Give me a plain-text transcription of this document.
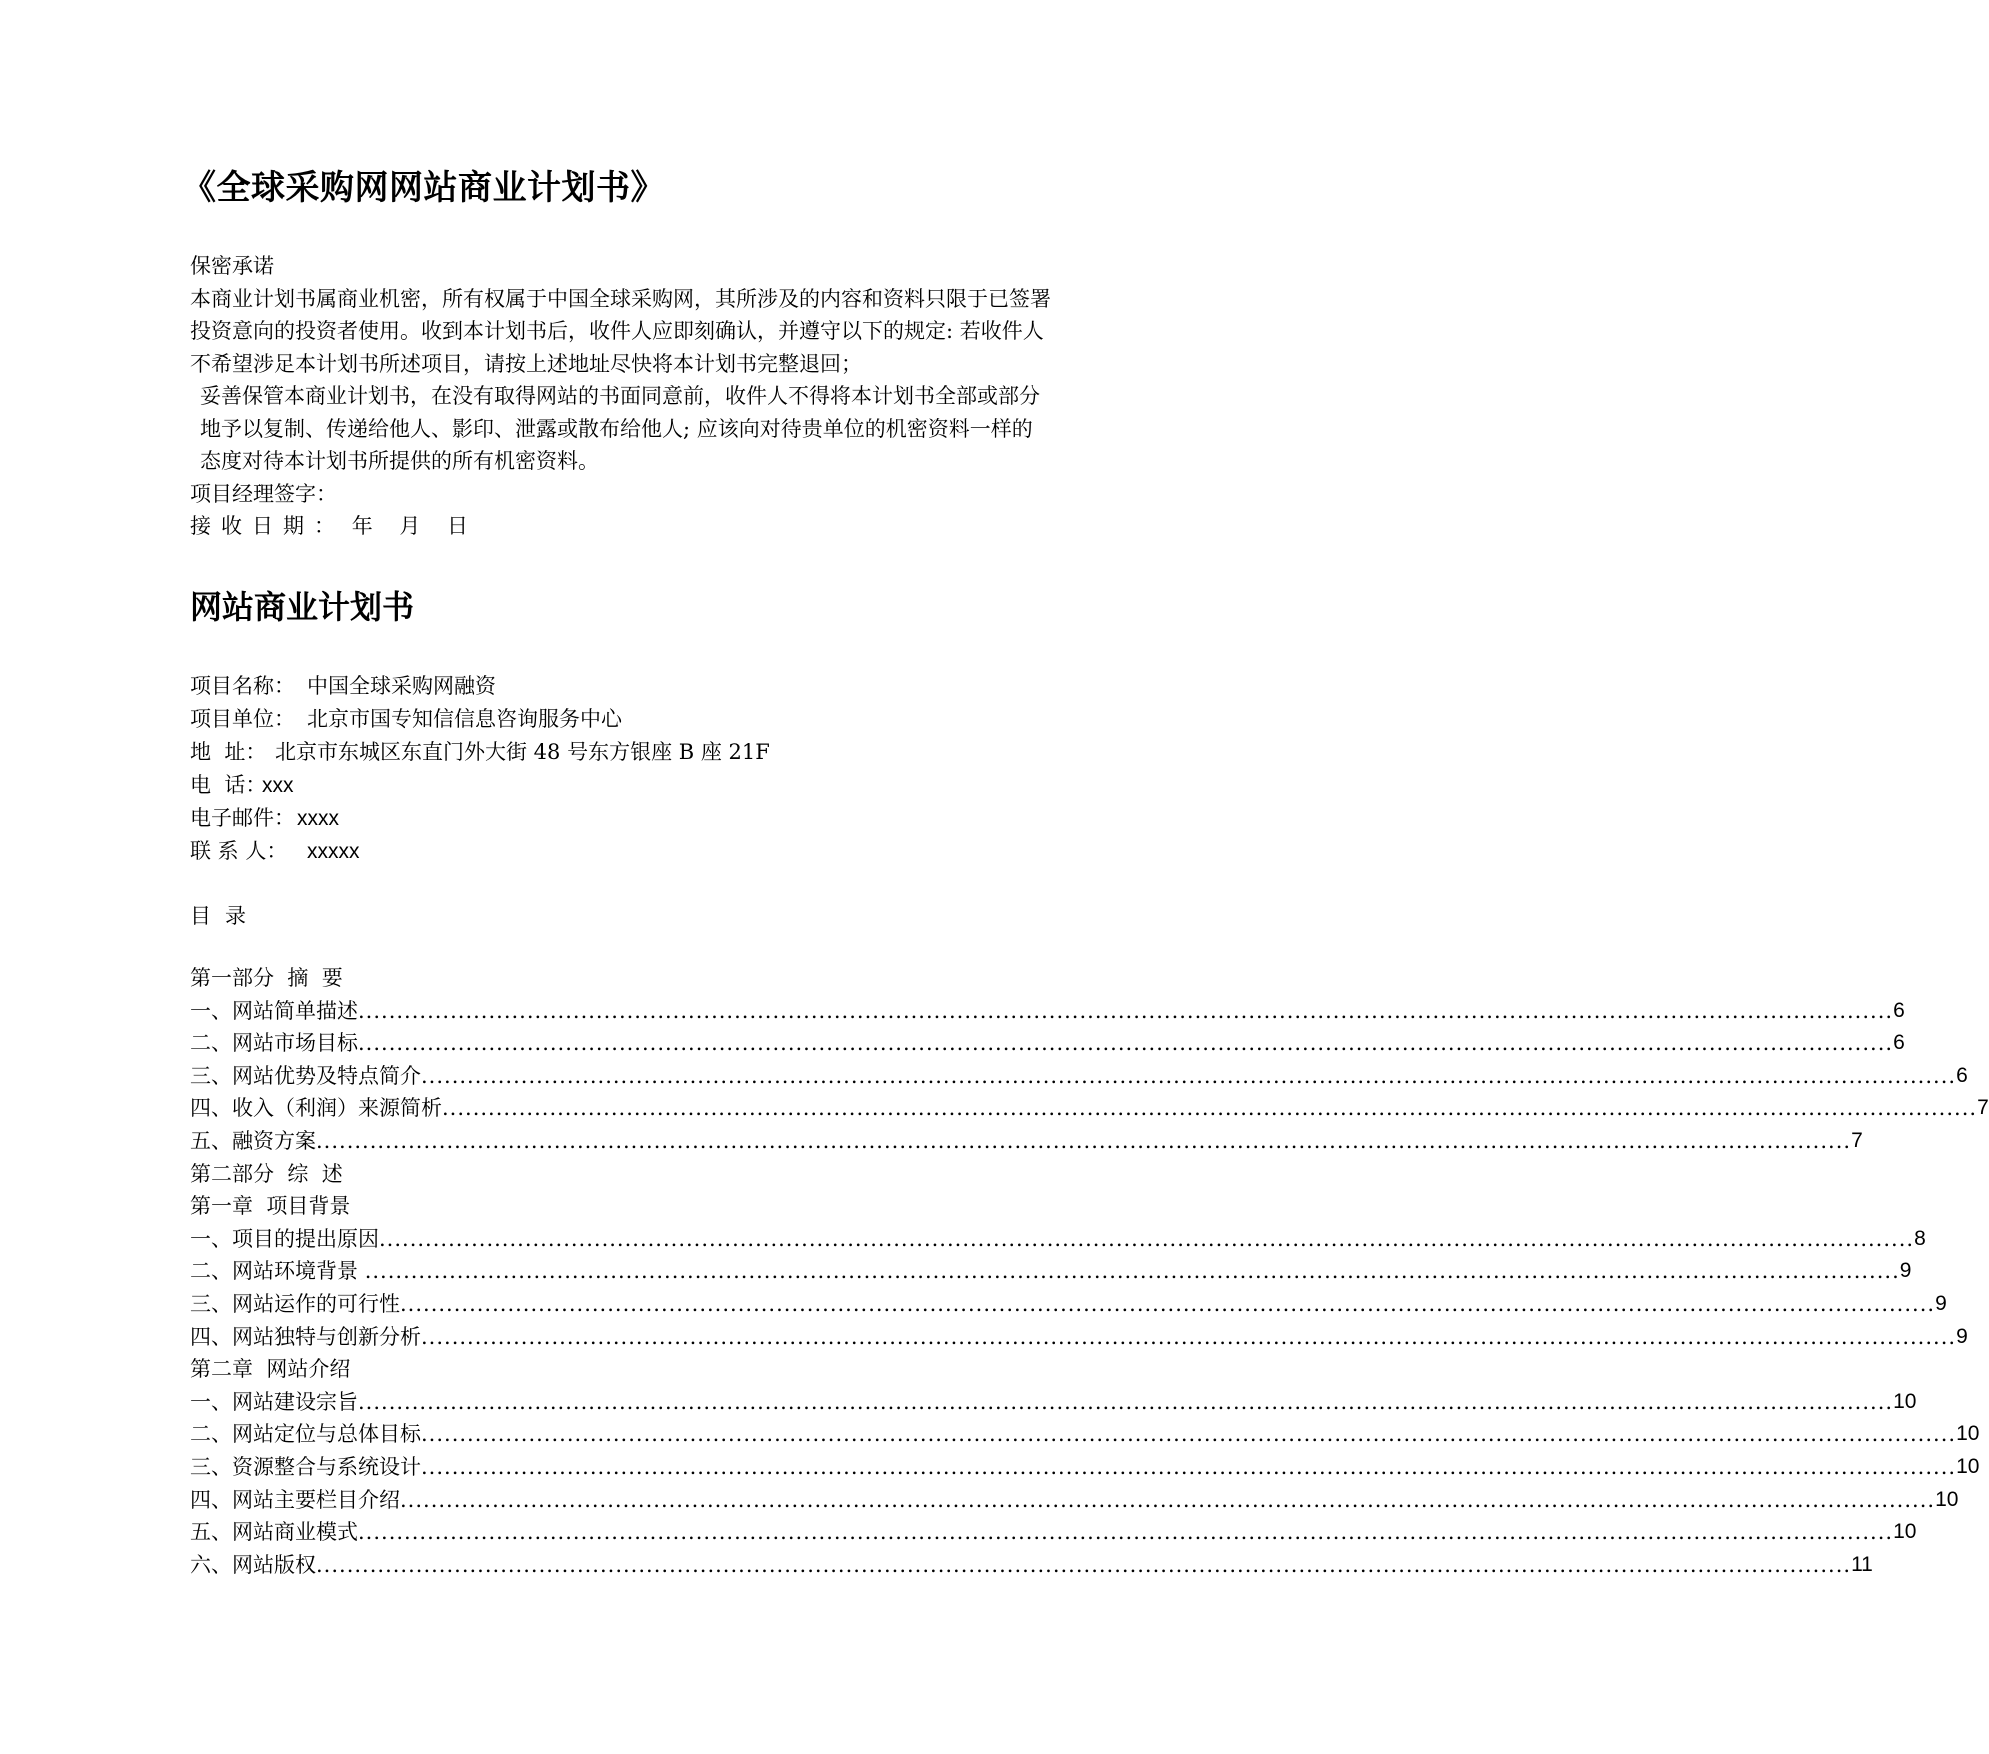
《全球采购网网站商业计划书》

保密承诺

本商业计划书属商业机密，所有权属于中国全球采购网，其所涉及的内容和资料只限于已签署投资意向的投资者使用。收到本计划书后，收件人应即刻确认，并遵守以下的规定: 若收件人不希望涉足本计划书所述项目，请按上述地址尽快将本计划书完整退回；

妥善保管本商业计划书，在没有取得网站的书面同意前，收件人不得将本计划书全部或部分地予以复制、传递给他人、影印、泄露或散布给他人; 应该向对待贵单位的机密资料一样的态度对待本计划书所提供的所有机密资料。

项目经理签字：

接收日期： 年 月 日

网站商业计划书
项目名称： 中国全球采购网融资
项目单位： 北京市国专知信信息咨询服务中心
地  址： 北京市东城区东直门外大街 48 号东方银座 B 座 21F
电  话：xxx
电子邮件：xxxx
联 系 人： xxxxx
目录
第一部分  摘  要
一、网站简单描述 ........................................................................................................................................................................................................ 6
二、网站市场目标 ........................................................................................................................................................................................................ 6
三、网站优势及特点简介 ........................................................................................................................................................................................................ 6
四、收入（利润）来源简析 ........................................................................................................................................................................................................ 7
五、融资方案 ........................................................................................................................................................................................................ 7
第二部分  综  述
第一章  项目背景
一、项目的提出原因 ........................................................................................................................................................................................................ 8
二、网站环境背景 ........................................................................................................................................................................................................ 9
三、网站运作的可行性 ........................................................................................................................................................................................................ 9
四、网站独特与创新分析 ........................................................................................................................................................................................................ 9
第二章  网站介绍
一、网站建设宗旨 ........................................................................................................................................................................................................ 10
二、网站定位与总体目标 ........................................................................................................................................................................................................ 10
三、资源整合与系统设计 ........................................................................................................................................................................................................ 10
四、网站主要栏目介绍 ........................................................................................................................................................................................................ 10
五、网站商业模式 ........................................................................................................................................................................................................ 10
六、网站版权 ........................................................................................................................................................................................................ 11
